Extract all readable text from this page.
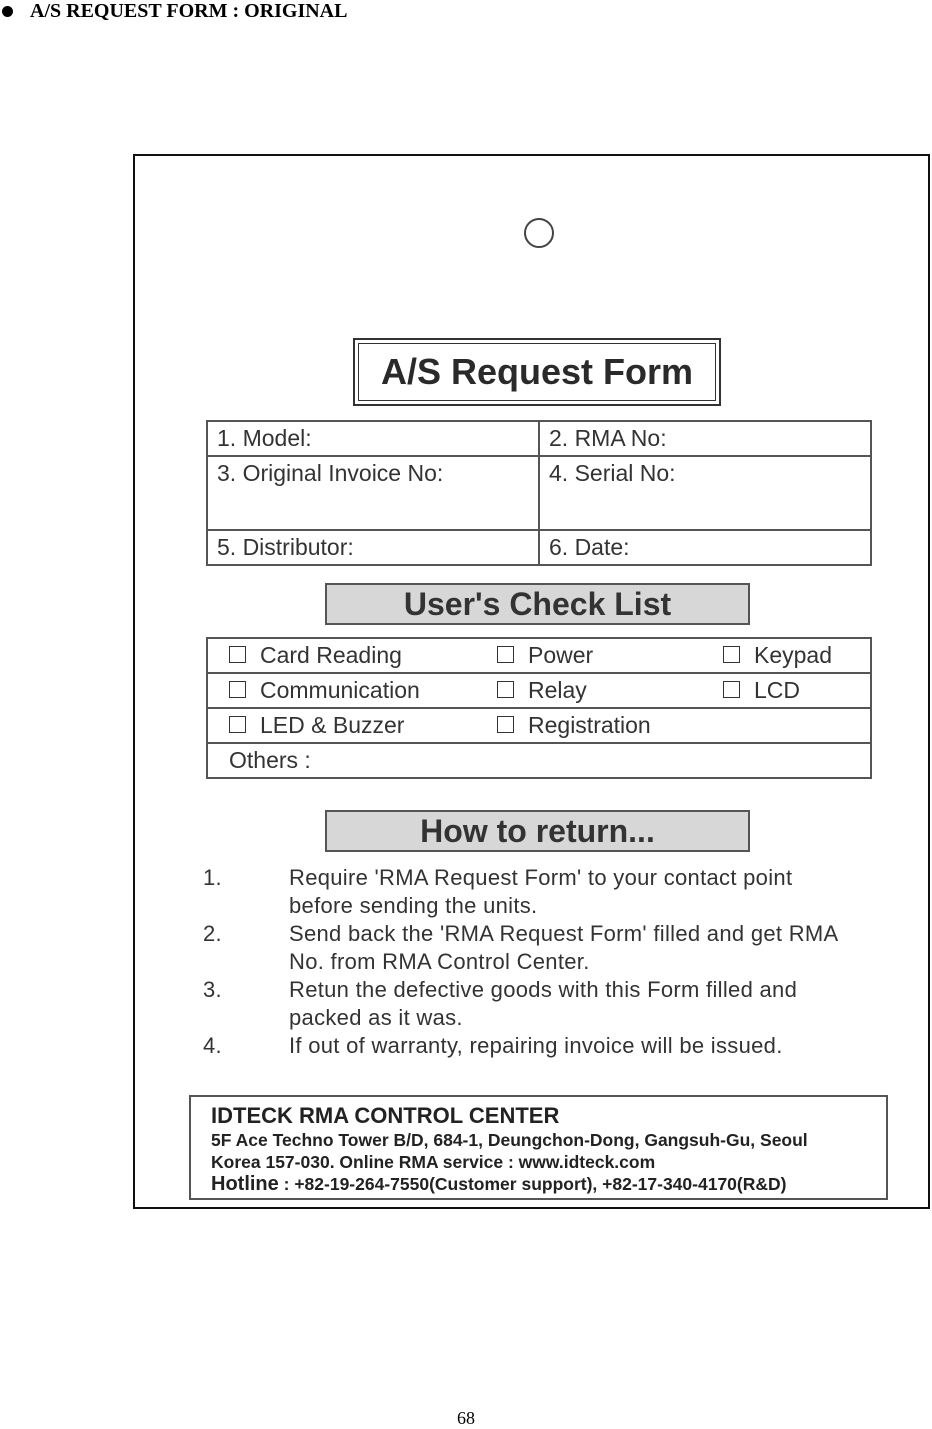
A/S REQUEST FORM : ORIGINAL
A/S Request Form
1. Model:	2. RMA No:
3. Original Invoice No:	4. Serial No:
5. Distributor:	6. Date:
User's Check List
Card Reading	Power	Keypad
Communication	Relay	LCD
LED & Buzzer	Registration	
Others :		
How to return...
1.	Require 'RMA Request Form' to your contact point before sending the units.
2.	Send back the 'RMA Request Form' filled and get RMA No. from RMA Control Center.
3.	Retun the defective goods with this Form filled and packed as it was.
4.	If out of warranty, repairing invoice will be issued.
IDTECK RMA CONTROL CENTER
5F Ace Techno Tower B/D, 684-1, Deungchon-Dong, Gangsuh-Gu, Seoul
Korea 157-030. Online RMA service : www.idteck.com
Hotline : +82-19-264-7550(Customer support), +82-17-340-4170(R&D)
68
